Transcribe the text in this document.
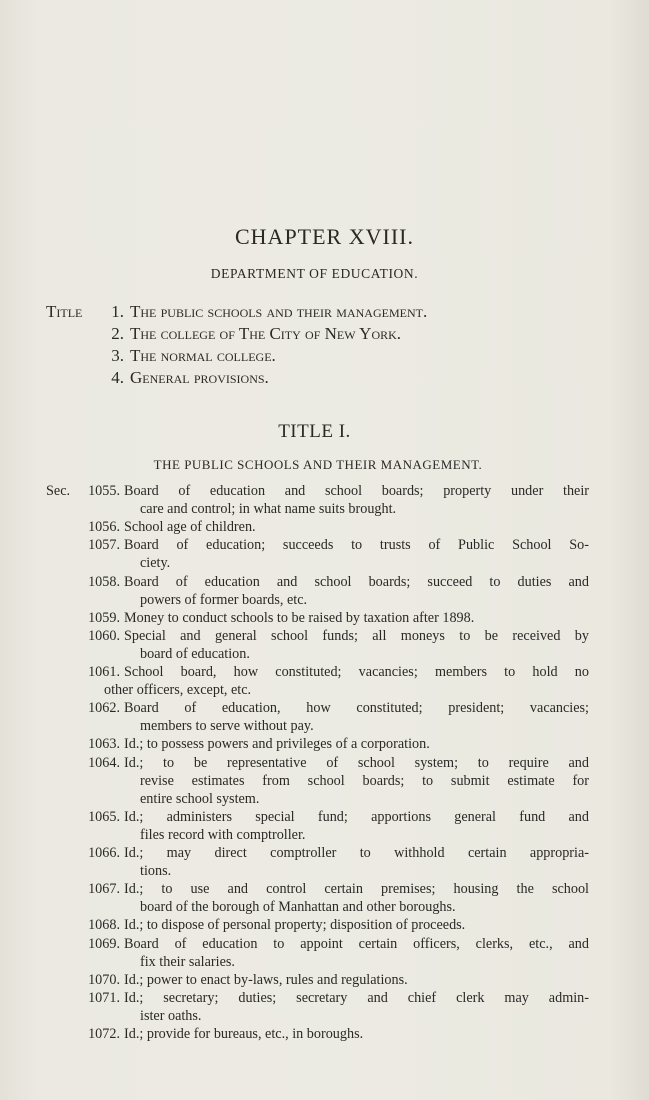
CHAPTER XVIII.
DEPARTMENT OF EDUCATION.
Title	1. The public schools and their management.
2. The college of The City of New York.
3. The normal college.
4. General provisions.
TITLE I.
THE PUBLIC SCHOOLS AND THEIR MANAGEMENT.
Sec.	1055. Board of education and school boards; property under their
care and control; in what name suits brought.
1056. School age of children.
1057. Board of education; succeeds to trusts of Public School So-
ciety.
1058. Board of education and school boards; succeed to duties and
powers of former boards, etc.
1059. Money to conduct schools to be raised by taxation after 1898.
1060. Special and general school funds; all moneys to be received by
board of education.
1061. School board, how constituted; vacancies; members to hold no
other officers, except, etc.
1062. Board of education, how constituted; president; vacancies;
members to serve without pay.
1063. Id.; to possess powers and privileges of a corporation.
1064. Id.; to be representative of school system; to require and
revise estimates from school boards; to submit estimate for
entire school system.
1065. Id.; administers special fund; apportions general fund and
files record with comptroller.
1066. Id.; may direct comptroller to withhold certain appropria-
tions.
1067. Id.; to use and control certain premises; housing the school
board of the borough of Manhattan and other boroughs.
1068. Id.; to dispose of personal property; disposition of proceeds.
1069. Board of education to appoint certain officers, clerks, etc., and
fix their salaries.
1070. Id.; power to enact by-laws, rules and regulations.
1071. Id.; secretary; duties; secretary and chief clerk may admin-
ister oaths.
1072. Id.; provide for bureaus, etc., in boroughs.
